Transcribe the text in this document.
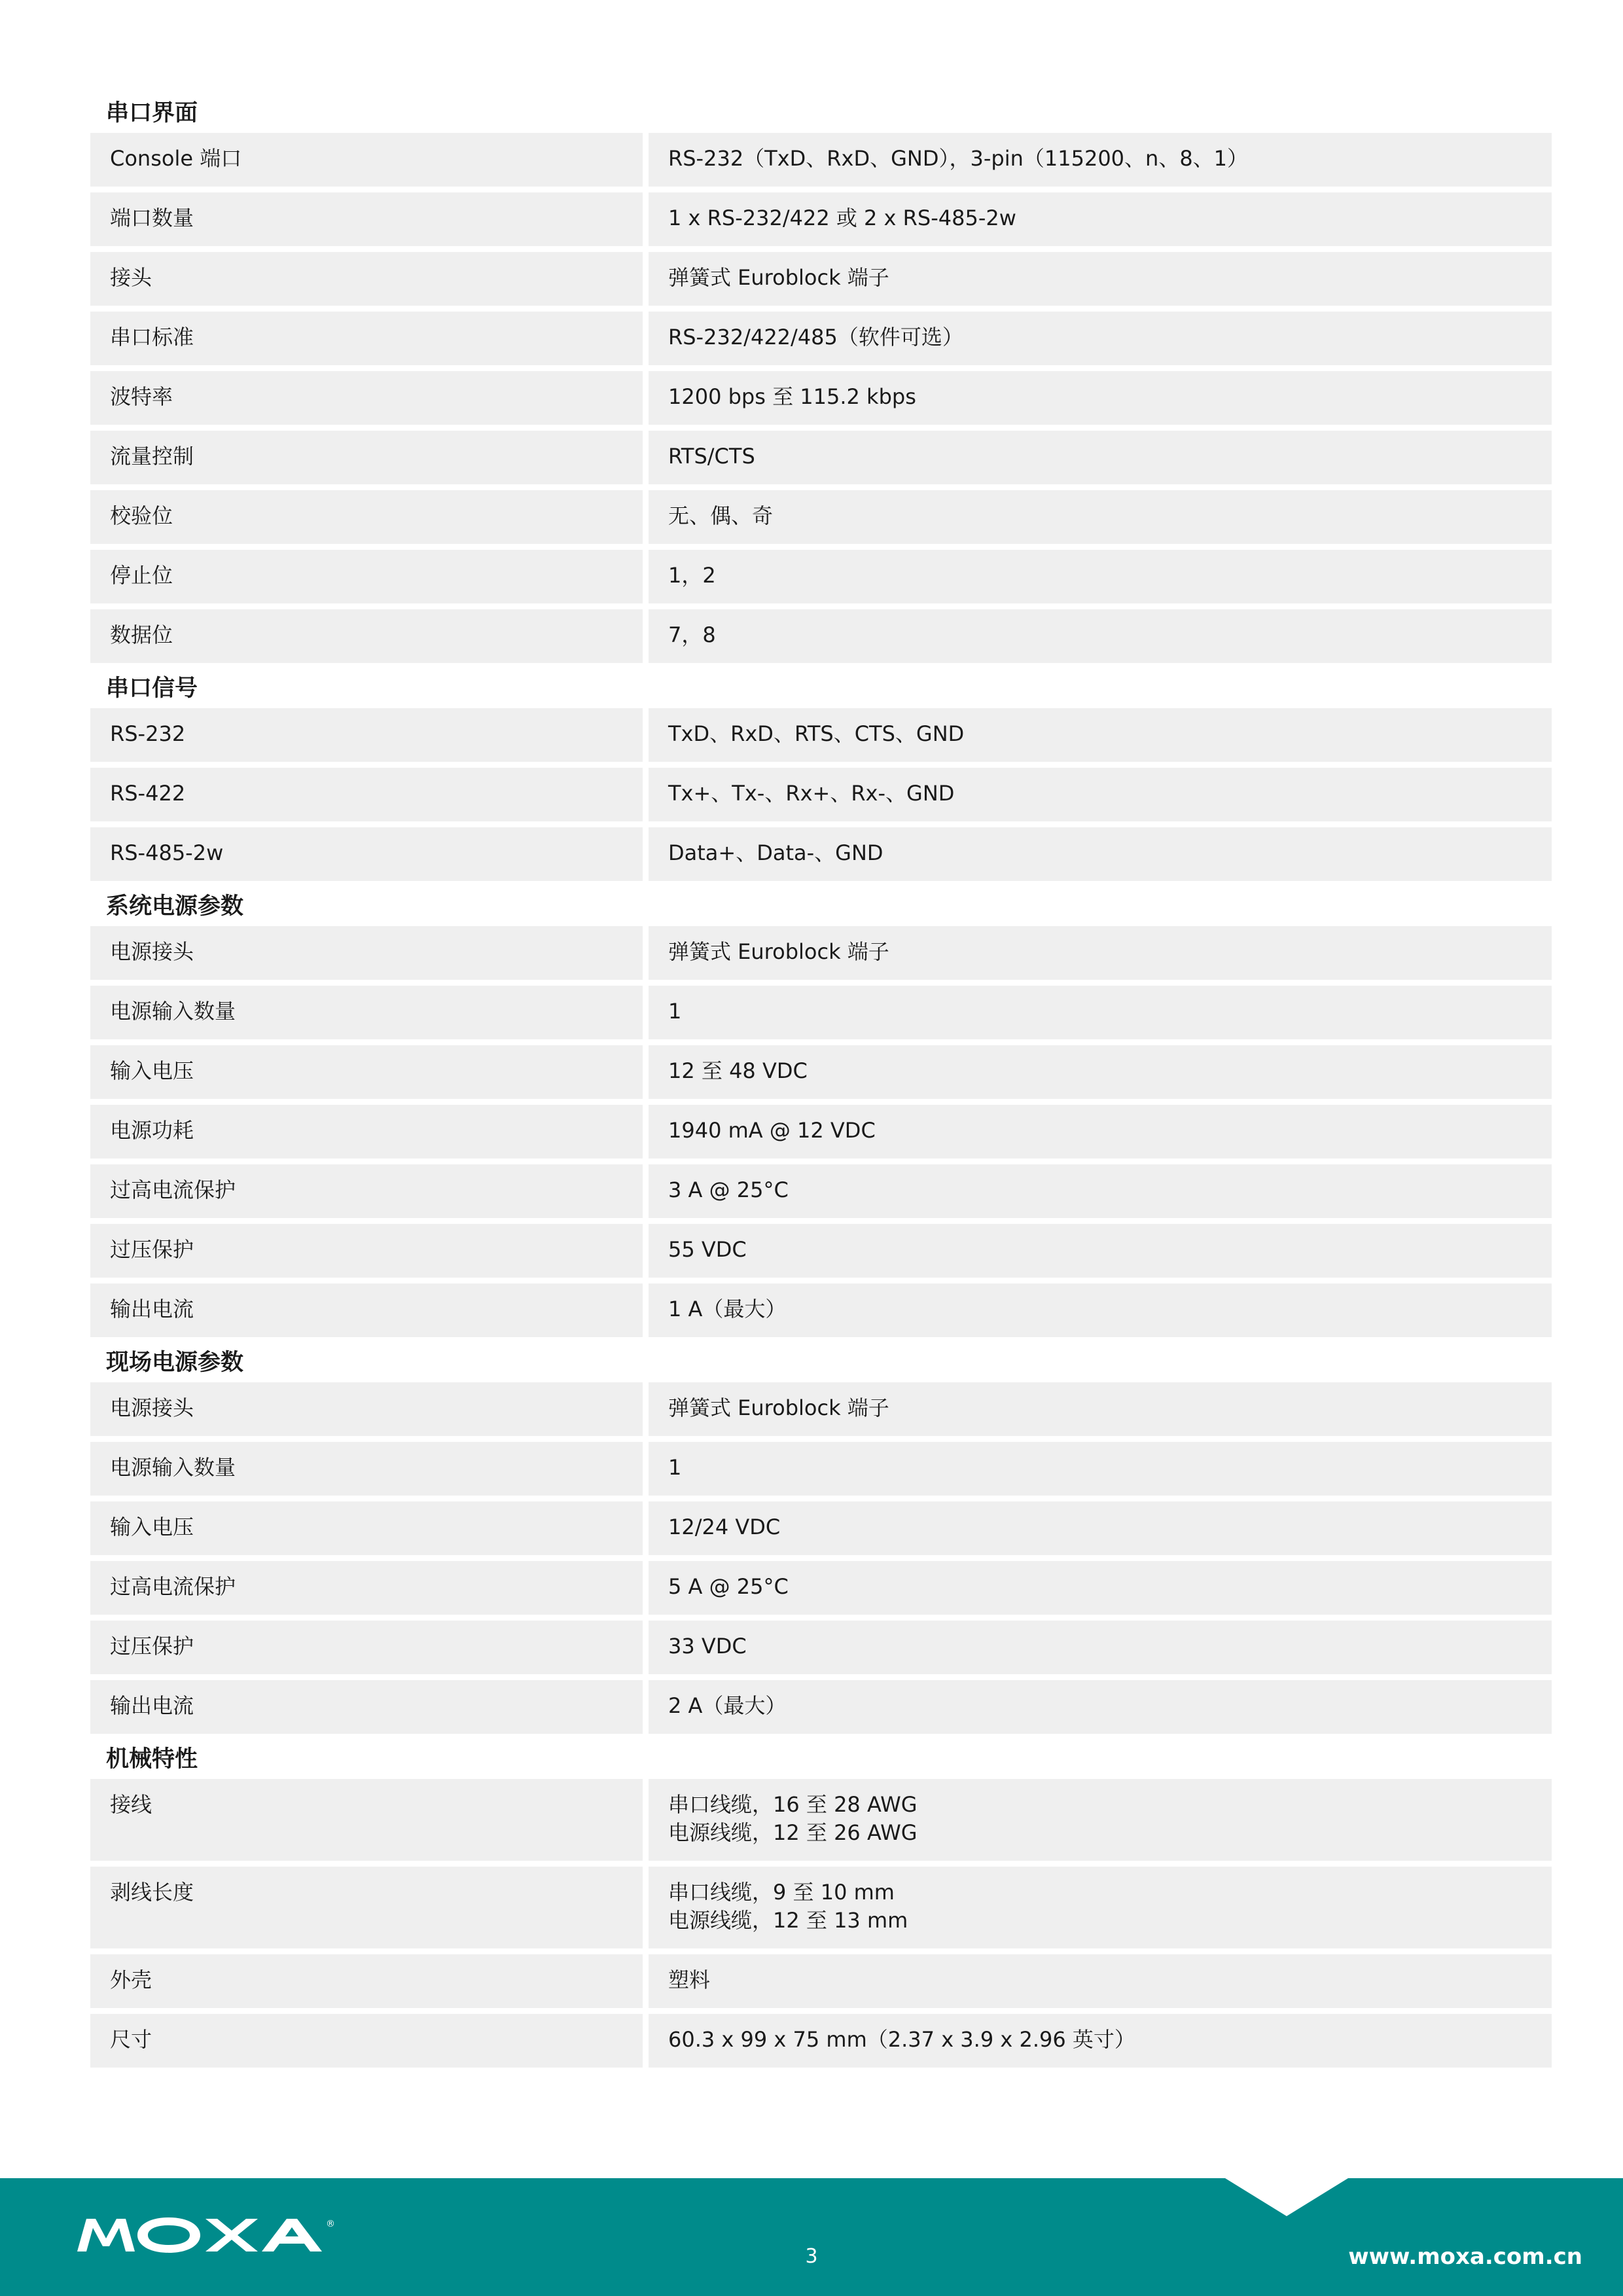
串口界面
Console 端口	RS-232（TxD、RxD、GND），3-pin（115200、n、8、1）
端口数量	1 x RS-232/422 或 2 x RS-485-2w
接头	弹簧式 Euroblock 端子
串口标准	RS-232/422/485（软件可选）
波特率	1200 bps 至 115.2 kbps
流量控制	RTS/CTS
校验位	无、偶、奇
停止位	1，2
数据位	7，8
串口信号
RS-232	TxD、RxD、RTS、CTS、GND
RS-422	Tx+、Tx-、Rx+、Rx-、GND
RS-485-2w	Data+、Data-、GND
系统电源参数
电源接头	弹簧式 Euroblock 端子
电源输入数量	1
输入电压	12 至 48 VDC
电源功耗	1940 mA @ 12 VDC
过高电流保护	3 A @ 25°C
过压保护	55 VDC
输出电流	1 A（最大）
现场电源参数
电源接头	弹簧式 Euroblock 端子
电源输入数量	1
输入电压	12/24 VDC
过高电流保护	5 A @ 25°C
过压保护	33 VDC
输出电流	2 A（最大）
机械特性
接线	串口线缆，16 至 28 AWG
电源线缆，12 至 26 AWG
剥线长度	串口线缆，9 至 10 mm
电源线缆，12 至 13 mm
外壳	塑料
尺寸	60.3 x 99 x 75 mm（2.37 x 3.9 x 2.96 英寸）
®
3	www.moxa.com.cn
